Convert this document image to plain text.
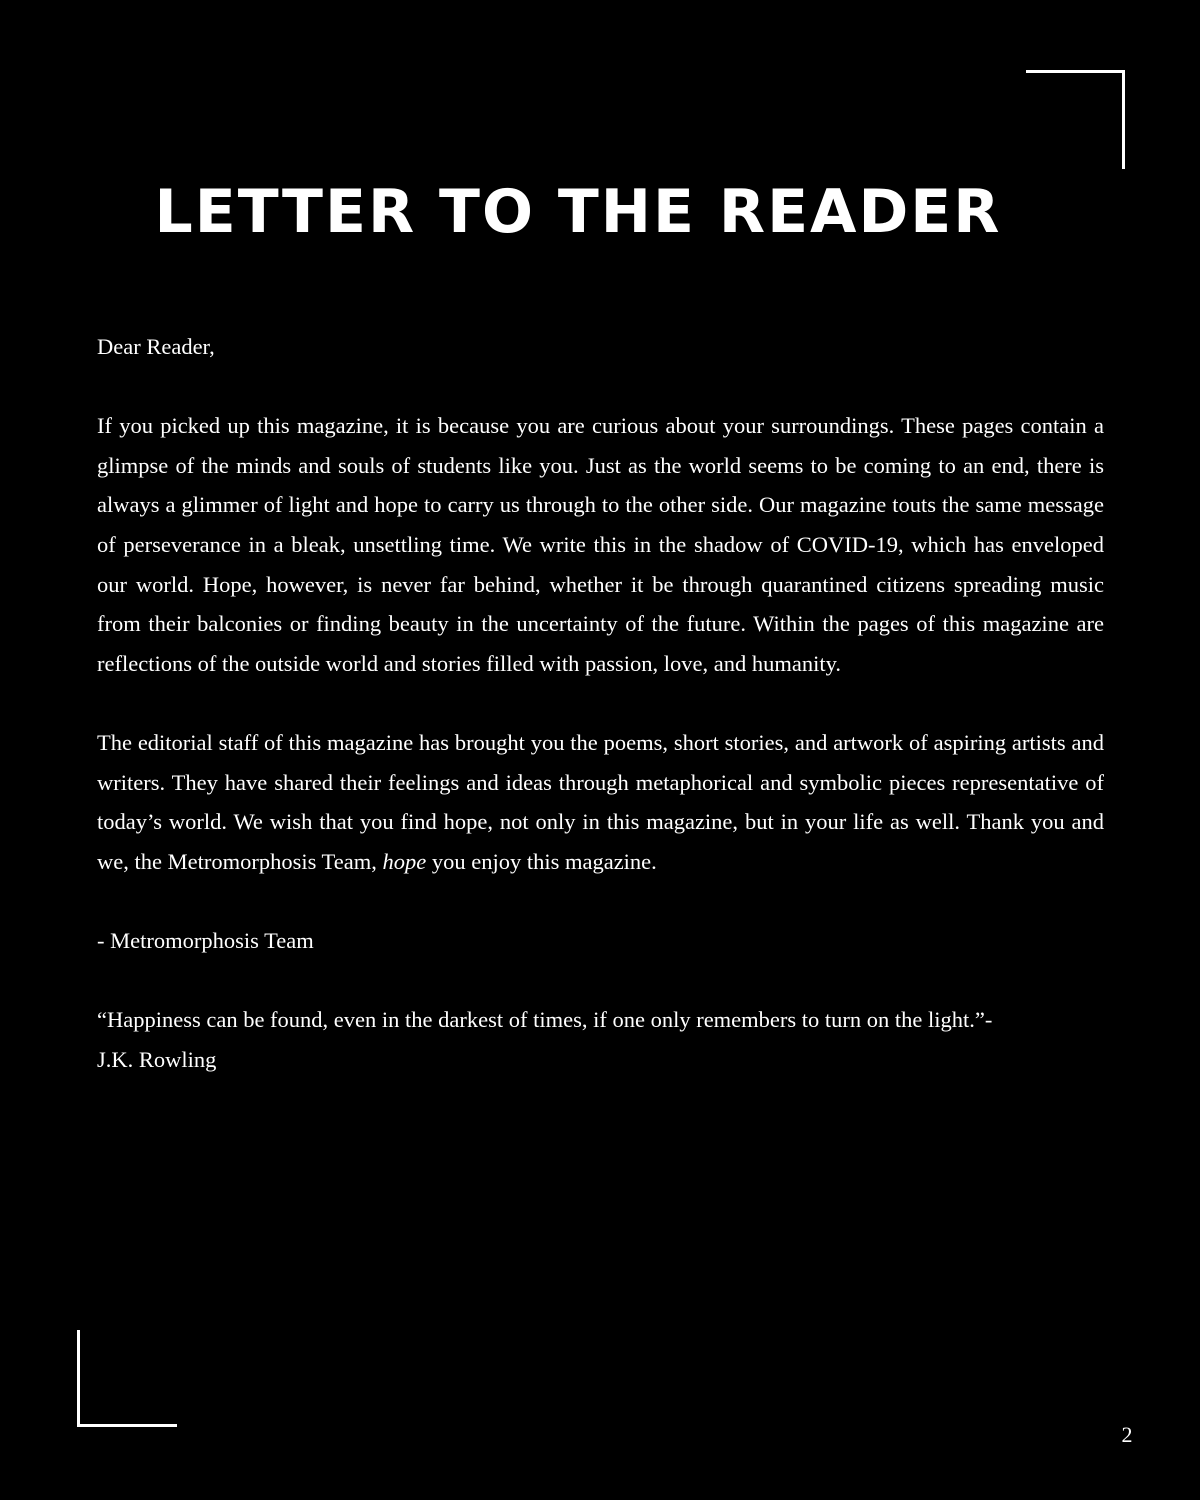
LETTER TO THE READER

Dear Reader,

If you picked up this magazine, it is because you are curious about your surroundings. These pages contain a glimpse of the minds and souls of students like you. Just as the world seems to be coming to an end, there is always a glimmer of light and hope to carry us through to the other side. Our magazine touts the same message of perseverance in a bleak, unsettling time. We write this in the shadow of COVID-19, which has enveloped our world. Hope, however, is never far behind, whether it be through quarantined citizens spreading music from their balconies or finding beauty in the uncertainty of the future. Within the pages of this magazine are reflections of the outside world and stories filled with passion, love, and humanity.

The editorial staff of this magazine has brought you the poems, short stories, and artwork of aspiring artists and writers. They have shared their feelings and ideas through metaphorical and symbolic pieces representative of today’s world. We wish that you find hope, not only in this magazine, but in your life as well. Thank you and we, the Metromorphosis Team, hope you enjoy this magazine.

- Metromorphosis Team

“Happiness can be found, even in the darkest of times, if one only remembers to turn on the light.”-
J.K. Rowling

2
